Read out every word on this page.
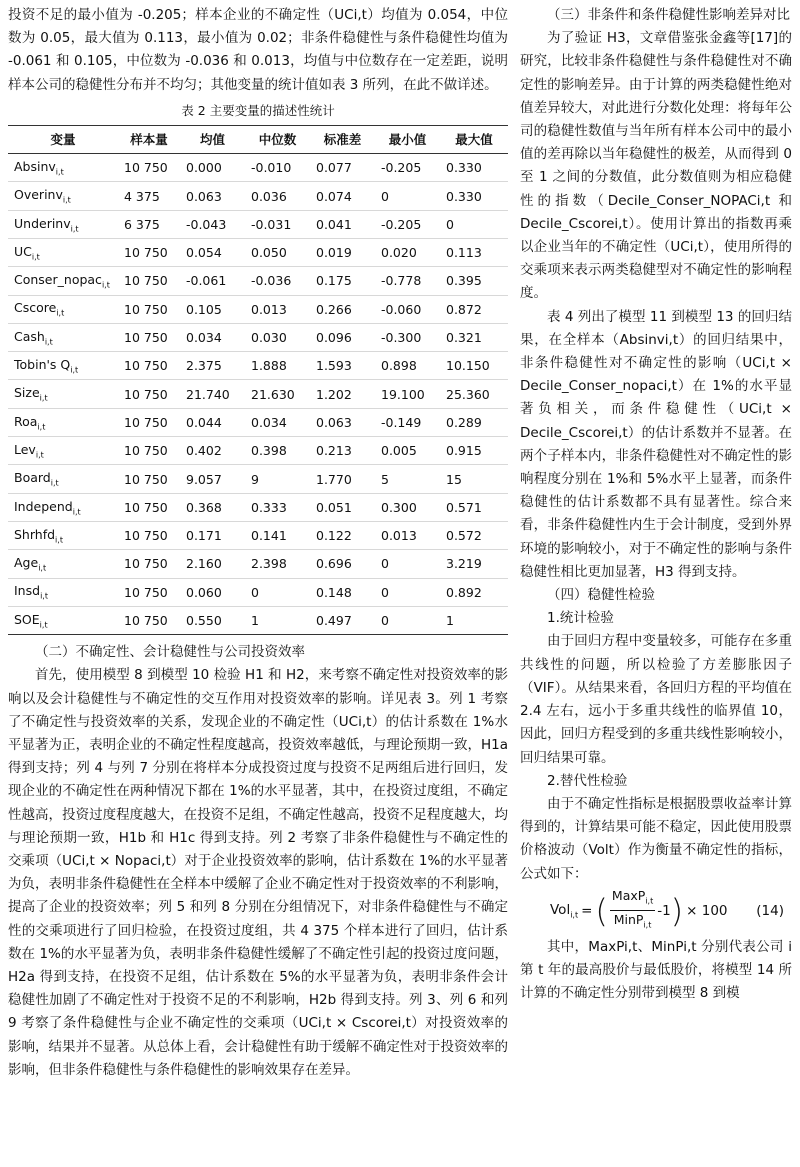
投资不足的最小值为 -0.205；样本企业的不确定性（UCi,t）均值为 0.054，中位数为 0.05，最大值为 0.113，最小值为 0.02；非条件稳健性与条件稳健性均值为 -0.061 和 0.105，中位数为 -0.036 和 0.013，均值与中位数存在一定差距，说明样本公司的稳健性分布并不均匀；其他变量的统计值如表 3 所列，在此不做详述。

表 2 主要变量的描述性统计
变量	样本量	均值	中位数	标准差	最小值	最大值
Absinv$_{i,t}$	10 750	0.000	-0.010	0.077	-0.205	0.330
Overinv$_{i,t}$	4 375	0.063	0.036	0.074	0	0.330
Underinv$_{i,t}$	6 375	-0.043	-0.031	0.041	-0.205	0
$UC_{i,t}$	10 750	0.054	0.050	0.019	0.020	0.113
Conser_nopac$_{i,t}$	10 750	-0.061	-0.036	0.175	-0.778	0.395
Cscore$_{i,t}$	10 750	0.105	0.013	0.266	-0.060	0.872
Cash$_{i,t}$	10 750	0.034	0.030	0.096	-0.300	0.321
Tobin's $Q_{i,t}$	10 750	2.375	1.888	1.593	0.898	10.150
Size$_{i,t}$	10 750	21.740	21.630	1.202	19.100	25.360
Roa$_{i,t}$	10 750	0.044	0.034	0.063	-0.149	0.289
Lev$_{i,t}$	10 750	0.402	0.398	0.213	0.005	0.915
Board$_{i,t}$	10 750	9.057	9	1.770	5	15
Independ$_{i,t}$	10 750	0.368	0.333	0.051	0.300	0.571
Shrhfd$_{i,t}$	10 750	0.171	0.141	0.122	0.013	0.572
Age$_{i,t}$	10 750	2.160	2.398	0.696	0	3.219
Insd$_{i,t}$	10 750	0.060	0	0.148	0	0.892
$SOE_{i,t}$	10 750	0.550	1	0.497	0	1
（二）不确定性、会计稳健性与公司投资效率

首先，使用模型 8 到模型 10 检验 H1 和 H2，来考察不确定性对投资效率的影响以及会计稳健性与不确定性的交互作用对投资效率的影响。详见表 3。列 1 考察了不确定性与投资效率的关系，发现企业的不确定性（UCi,t）的估计系数在 1%水平显著为正，表明企业的不确定性程度越高，投资效率越低，与理论预期一致，H1a 得到支持；列 4 与列 7 分别在将样本分成投资过度与投资不足两组后进行回归，发现企业的不确定性在两种情况下都在 1%的水平显著，其中，在投资过度组，不确定性越高，投资过度程度越大，在投资不足组，不确定性越高，投资不足程度越大，均与理论预期一致，H1b 和 H1c 得到支持。列 2 考察了非条件稳健性与不确定性的交乘项（UCi,t × Nopaci,t）对于企业投资效率的影响，估计系数在 1%的水平显著为负，表明非条件稳健性在全样本中缓解了企业不确定性对于投资效率的不利影响，提高了企业的投资效率；列 5 和列 8 分别在分组情况下，对非条件稳健性与不确定性的交乘项进行了回归检验，在投资过度组，共 4 375 个样本进行了回归，估计系数在 1%的水平显著为负，表明非条件稳健性缓解了不确定性引起的投资过度问题，H2a 得到支持，在投资不足组，估计系数在 5%的水平显著为负，表明非条件会计稳健性加剧了不确定性对于投资不足的不利影响，H2b 得到支持。列 3、列 6 和列 9 考察了条件稳健性与企业不确定性的交乘项（UCi,t × Cscorei,t）对投资效率的影响，结果并不显著。从总体上看，会计稳健性有助于缓解不确定性对于投资效率的影响，但非条件稳健性与条件稳健性的影响效果存在差异。

（三）非条件和条件稳健性影响差异对比

为了验证 H3，文章借鉴张金鑫等[17]的研究，比较非条件稳健性与条件稳健性对不确定性的影响差异。由于计算的两类稳健性绝对值差异较大，对此进行分数化处理：将每年公司的稳健性数值与当年所有样本公司中的最小值的差再除以当年稳健性的极差，从而得到 0 至 1 之间的分数值，此分数值则为相应稳健性的指数（Decile_Conser_NOPACi,t 和 Decile_Cscorei,t）。使用计算出的指数再乘以企业当年的不确定性（UCi,t），使用所得的交乘项来表示两类稳健型对不确定性的影响程度。

表 4 列出了模型 11 到模型 13 的回归结果，在全样本（Absinvi,t）的回归结果中，非条件稳健性对不确定性的影响（UCi,t × Decile_Conser_nopaci,t）在 1%的水平显著负相关，而条件稳健性（UCi,t × Decile_Cscorei,t）的估计系数并不显著。在两个子样本内，非条件稳健性对不确定性的影响程度分别在 1%和 5%水平上显著，而条件稳健性的估计系数都不具有显著性。综合来看，非条件稳健性内生于会计制度，受到外界环境的影响较小，对于不确定性的影响与条件稳健性相比更加显著，H3 得到支持。

（四）稳健性检验
1.统计检验

由于回归方程中变量较多，可能存在多重共线性的问题，所以检验了方差膨胀因子（VIF）。从结果来看，各回归方程的平均值在 2.4 左右，远小于多重共线性的临界值 10，因此，回归方程受到的多重共线性影响较小，回归结果可靠。

2.替代性检验

由于不确定性指标是根据股票收益率计算得到的，计算结果可能不稳定，因此使用股票价格波动（Volt）作为衡量不确定性的指标，公式如下：

Vol$_{i,t}$ = ( $\frac{MaxP_{i,t}}{MinP_{i,t}} -1$ ) × 100 (14)

其中，MaxPi,t、MinPi,t 分别代表公司 i 第 t 年的最高股价与最低股价，将模型 14 所计算的不确定性分别带到模型 8 到模
